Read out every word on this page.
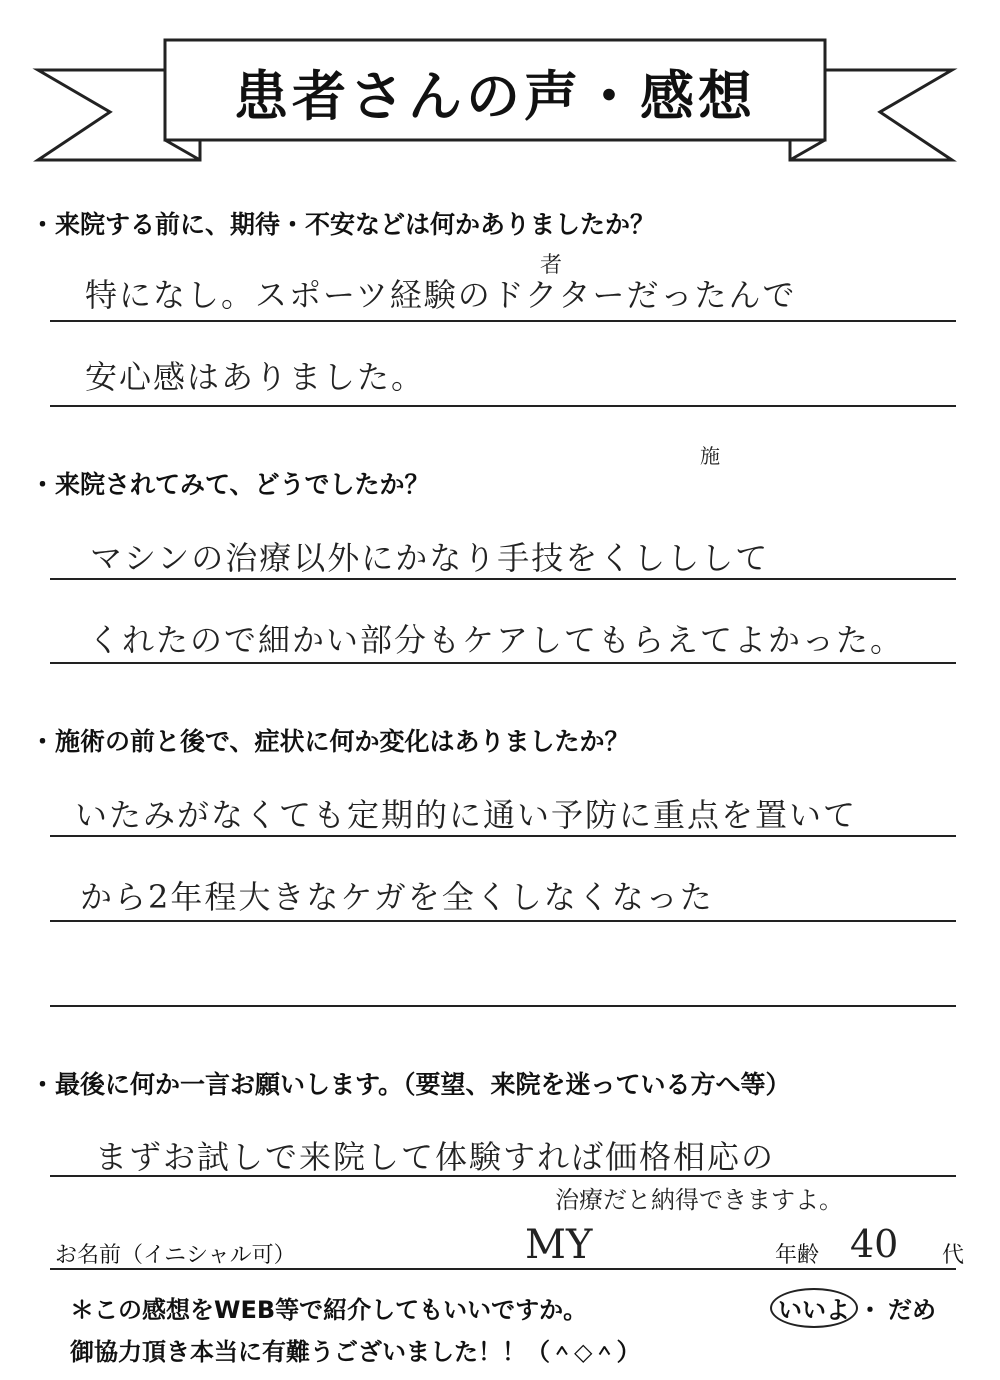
患者さんの声・感想
・来院する前に、期待・不安などは何かありましたか？
者
特になし。スポーツ経験のドクターだったんで
安心感はありました。
・来院されてみて、どうでしたか？
施
マシンの治療以外にかなり手技をくししして
くれたので細かい部分もケアしてもらえてよかった。
・施術の前と後で、症状に何か変化はありましたか？
いたみがなくても定期的に通い予防に重点を置いて
から2年程大きなケガを全くしなくなった
・最後に何か一言お願いします。（要望、来院を迷っている方へ等）
まずお試しで来院して体験すれば価格相応の
治療だと納得できますよ。
お名前（イニシャル可）	MY	年齢 40 代
＊この感想をWEB等で紹介してもいいですか。	いいよ ・ だめ
御協力頂き本当に有難うございました！！（＾◇＾）
